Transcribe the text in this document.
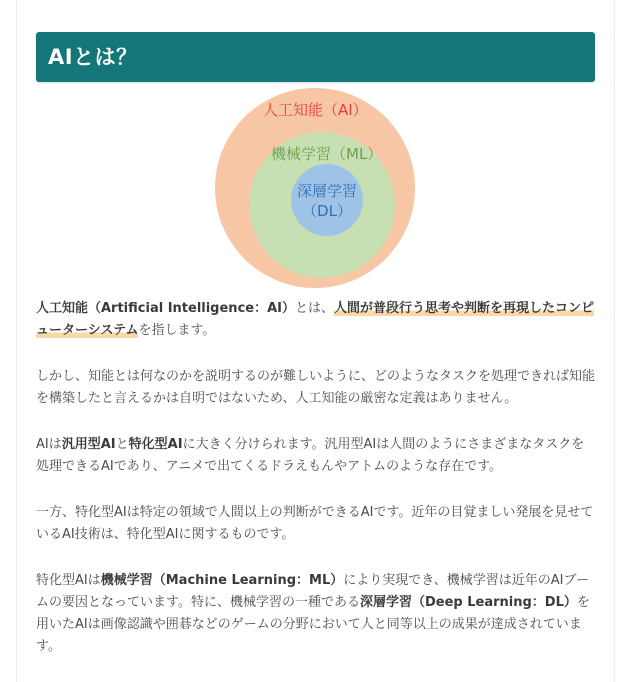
AIとは？
人工知能（AI）
機械学習（ML）
深層学習
（DL）

人工知能（Artificial Intelligence：AI）とは、人間が普段行う思考や判断を再現したコンピューターシステムを指します。

しかし、知能とは何なのかを説明するのが難しいように、どのようなタスクを処理できれば知能を構築したと言えるかは自明ではないため、人工知能の厳密な定義はありません。

AIは汎用型AIと特化型AIに大きく分けられます。汎用型AIは人間のようにさまざまなタスクを処理できるAIであり、アニメで出てくるドラえもんやアトムのような存在です。

一方、特化型AIは特定の領域で人間以上の判断ができるAIです。近年の目覚ましい発展を見せているAI技術は、特化型AIに関するものです。

特化型AIは機械学習（Machine Learning：ML）により実現でき、機械学習は近年のAIブームの要因となっています。特に、機械学習の一種である深層学習（Deep Learning：DL）を用いたAIは画像認識や囲碁などのゲームの分野において人と同等以上の成果が達成されています。
